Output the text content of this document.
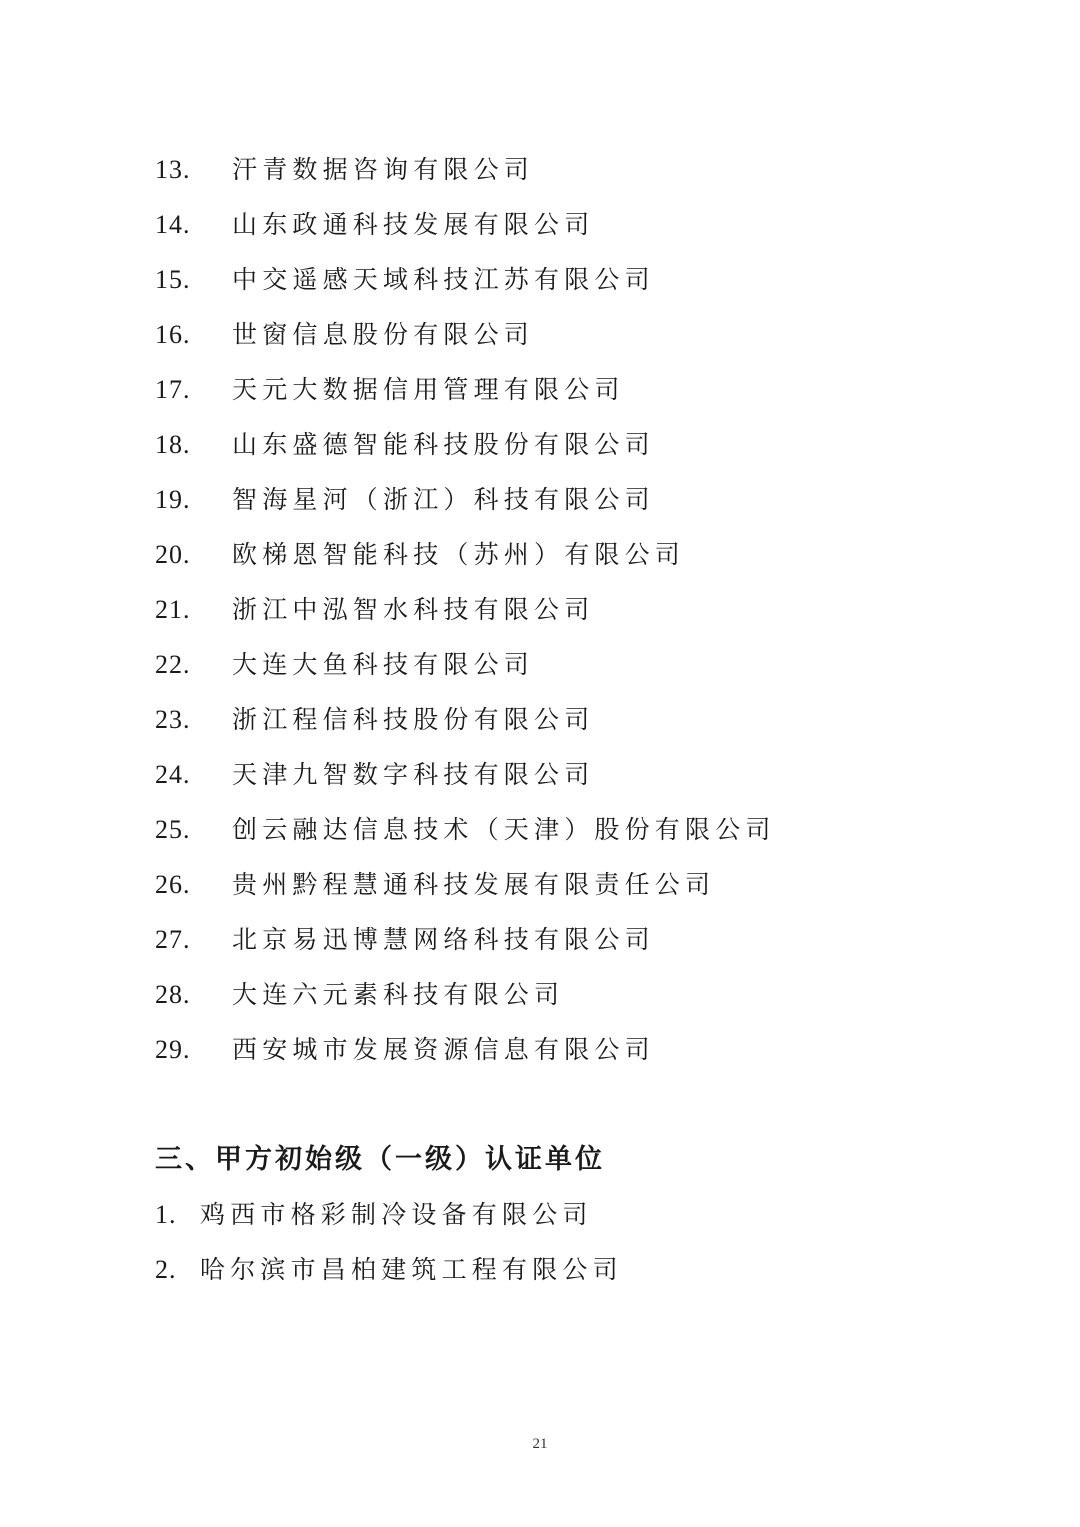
13. 汗青数据咨询有限公司
14. 山东政通科技发展有限公司
15. 中交遥感天域科技江苏有限公司
16. 世窗信息股份有限公司
17. 天元大数据信用管理有限公司
18. 山东盛德智能科技股份有限公司
19. 智海星河（浙江）科技有限公司
20. 欧梯恩智能科技（苏州）有限公司
21. 浙江中泓智水科技有限公司
22. 大连大鱼科技有限公司
23. 浙江程信科技股份有限公司
24. 天津九智数字科技有限公司
25. 创云融达信息技术（天津）股份有限公司
26. 贵州黔程慧通科技发展有限责任公司
27. 北京易迅博慧网络科技有限公司
28. 大连六元素科技有限公司
29. 西安城市发展资源信息有限公司
三、甲方初始级（一级）认证单位
1. 鸡西市格彩制冷设备有限公司
2. 哈尔滨市昌柏建筑工程有限公司
21
